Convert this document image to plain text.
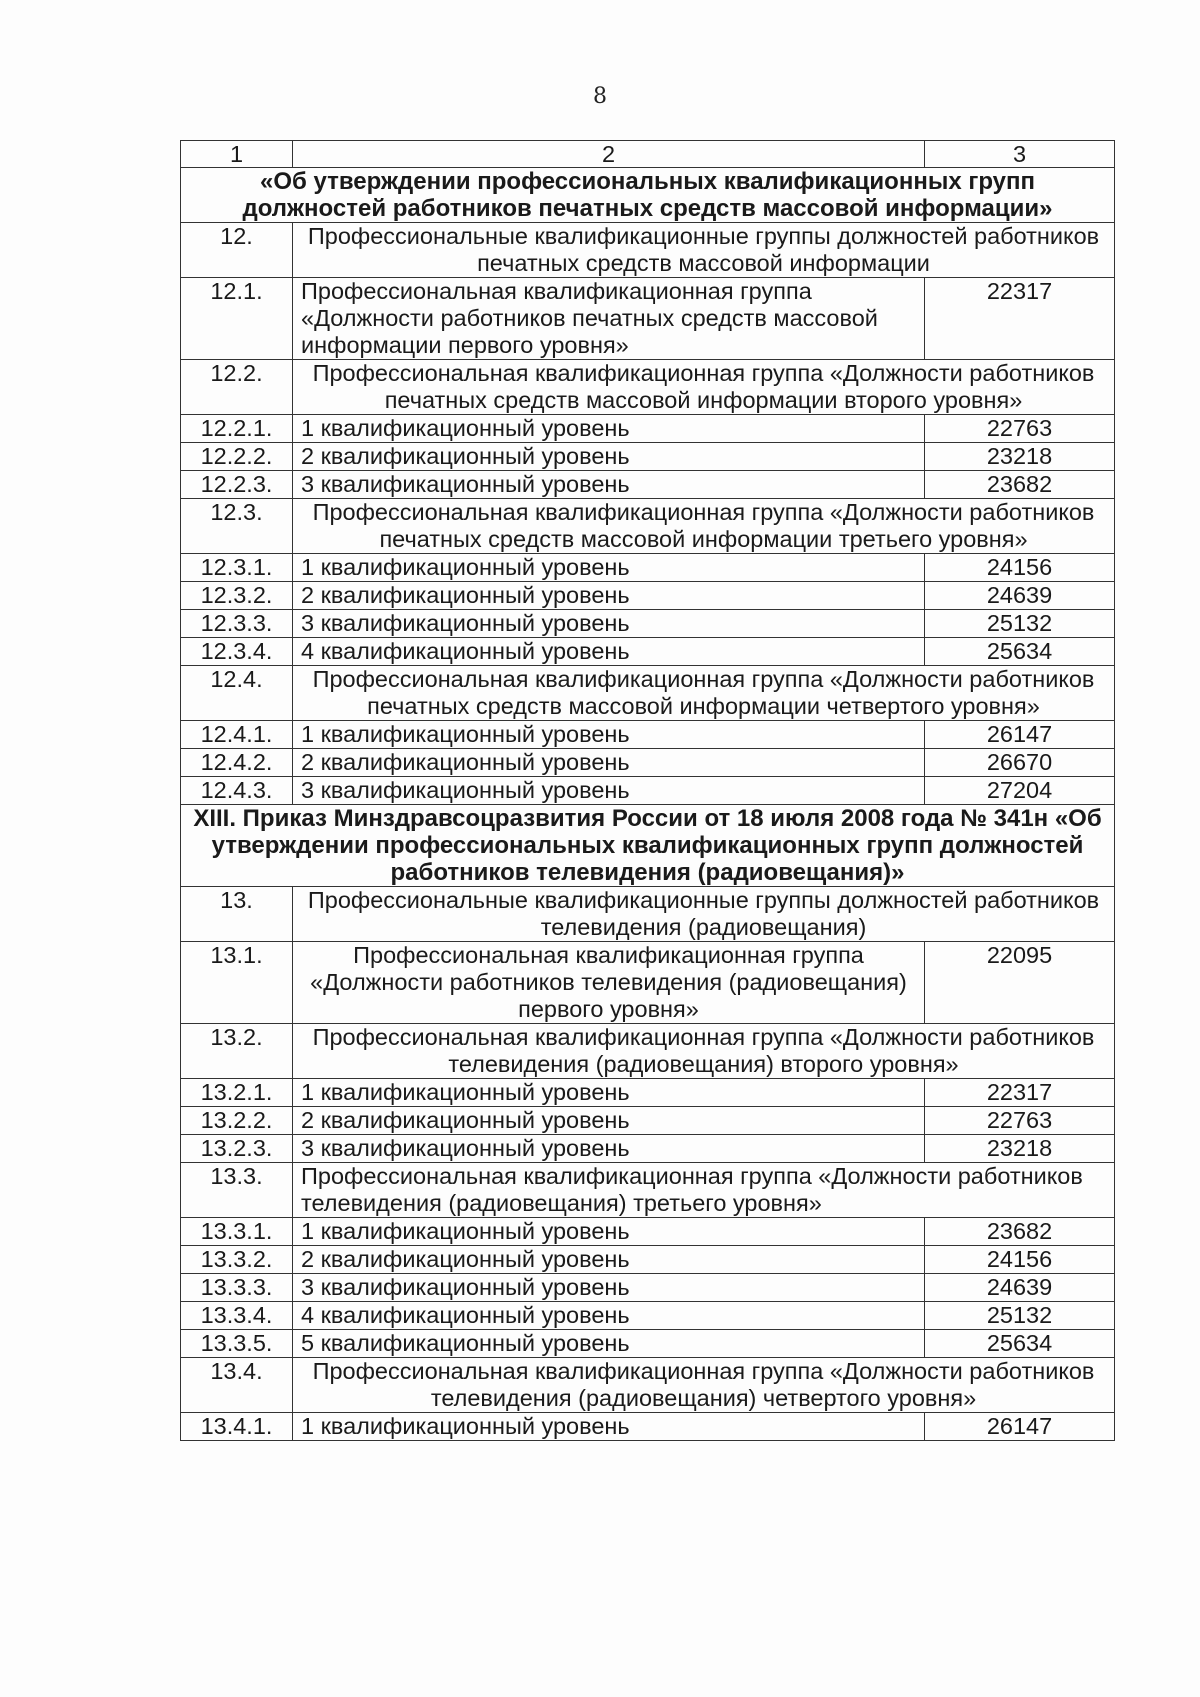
8
1	2	3
«Об утверждении профессиональных квалификационных групп должностей работников печатных средств массовой информации»		
12.	Профессиональные квалификационные группы должностей работников печатных средств массовой информации	
12.1.	Профессиональная квалификационная группа «Должности работников печатных средств массовой информации первого уровня»	22317
12.2.	Профессиональная квалификационная группа «Должности работников печатных средств массовой информации второго уровня»	
12.2.1.	1 квалификационный уровень	22763
12.2.2.	2 квалификационный уровень	23218
12.2.3.	3 квалификационный уровень	23682
12.3.	Профессиональная квалификационная группа «Должности работников печатных средств массовой информации третьего уровня»	
12.3.1.	1 квалификационный уровень	24156
12.3.2.	2 квалификационный уровень	24639
12.3.3.	3 квалификационный уровень	25132
12.3.4.	4 квалификационный уровень	25634
12.4.	Профессиональная квалификационная группа «Должности работников печатных средств массовой информации четвертого уровня»	
12.4.1.	1 квалификационный уровень	26147
12.4.2.	2 квалификационный уровень	26670
12.4.3.	3 квалификационный уровень	27204
XIII. Приказ Минздравсоцразвития России от 18 июля 2008 года № 341н «Об утверждении профессиональных квалификационных групп должностей работников телевидения (радиовещания)»		
13.	Профессиональные квалификационные группы должностей работников телевидения (радиовещания)	
13.1.	Профессиональная квалификационная группа «Должности работников телевидения (радиовещания) первого уровня»	22095
13.2.	Профессиональная квалификационная группа «Должности работников телевидения (радиовещания) второго уровня»	
13.2.1.	1 квалификационный уровень	22317
13.2.2.	2 квалификационный уровень	22763
13.2.3.	3 квалификационный уровень	23218
13.3.	Профессиональная квалификационная группа «Должности работников телевидения (радиовещания) третьего уровня»	
13.3.1.	1 квалификационный уровень	23682
13.3.2.	2 квалификационный уровень	24156
13.3.3.	3 квалификационный уровень	24639
13.3.4.	4 квалификационный уровень	25132
13.3.5.	5 квалификационный уровень	25634
13.4.	Профессиональная квалификационная группа «Должности работников телевидения (радиовещания) четвертого уровня»	
13.4.1.	1 квалификационный уровень	26147
